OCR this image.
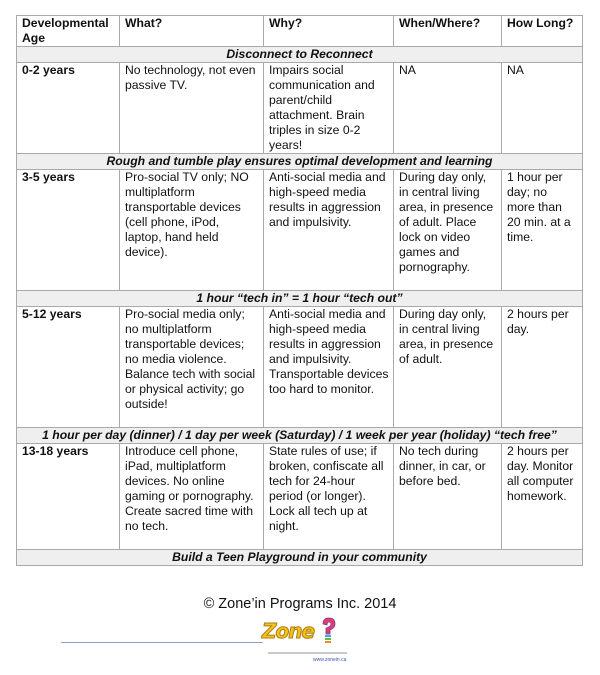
Developmental Age	What?	Why?	When/Where?	How Long?
Disconnect to Reconnect				
0-2 years	No technology, not even passive TV.	Impairs social communication and parent/child attachment. Brain triples in size 0-2 years!	NA	NA
Rough and tumble play ensures optimal development and learning				
3-5 years	Pro-social TV only; NO multiplatform transportable devices (cell phone, iPod, laptop, hand held device).	Anti-social media and high-speed media results in aggression and impulsivity.	During day only, in central living area, in presence of adult. Place lock on video games and pornography.	1 hour per day; no more than 20 min. at a time.
1 hour “tech in” = 1 hour “tech out”				
5-12 years	Pro-social media only; no multiplatform transportable devices; no media violence. Balance tech with social or physical activity; go outside!	Anti-social media and high-speed media results in aggression and impulsivity. Transportable devices too hard to monitor.	During day only, in central living area, in presence of adult.	2 hours per day.
1 hour per day (dinner) / 1 day per week (Saturday) / 1 week per year (holiday) “tech free”				
13-18 years	Introduce cell phone, iPad, multiplatform devices. No online gaming or pornography. Create sacred time with no tech.	State rules of use; if broken, confiscate all tech for 24-hour period (or longer). Lock all tech up at night.	No tech during dinner, in car, or before bed.	2 hours per day. Monitor all computer homework.
Build a Teen Playground in your community				
© Zone’in Programs Inc. 2014
Zone
www.zonein.ca
